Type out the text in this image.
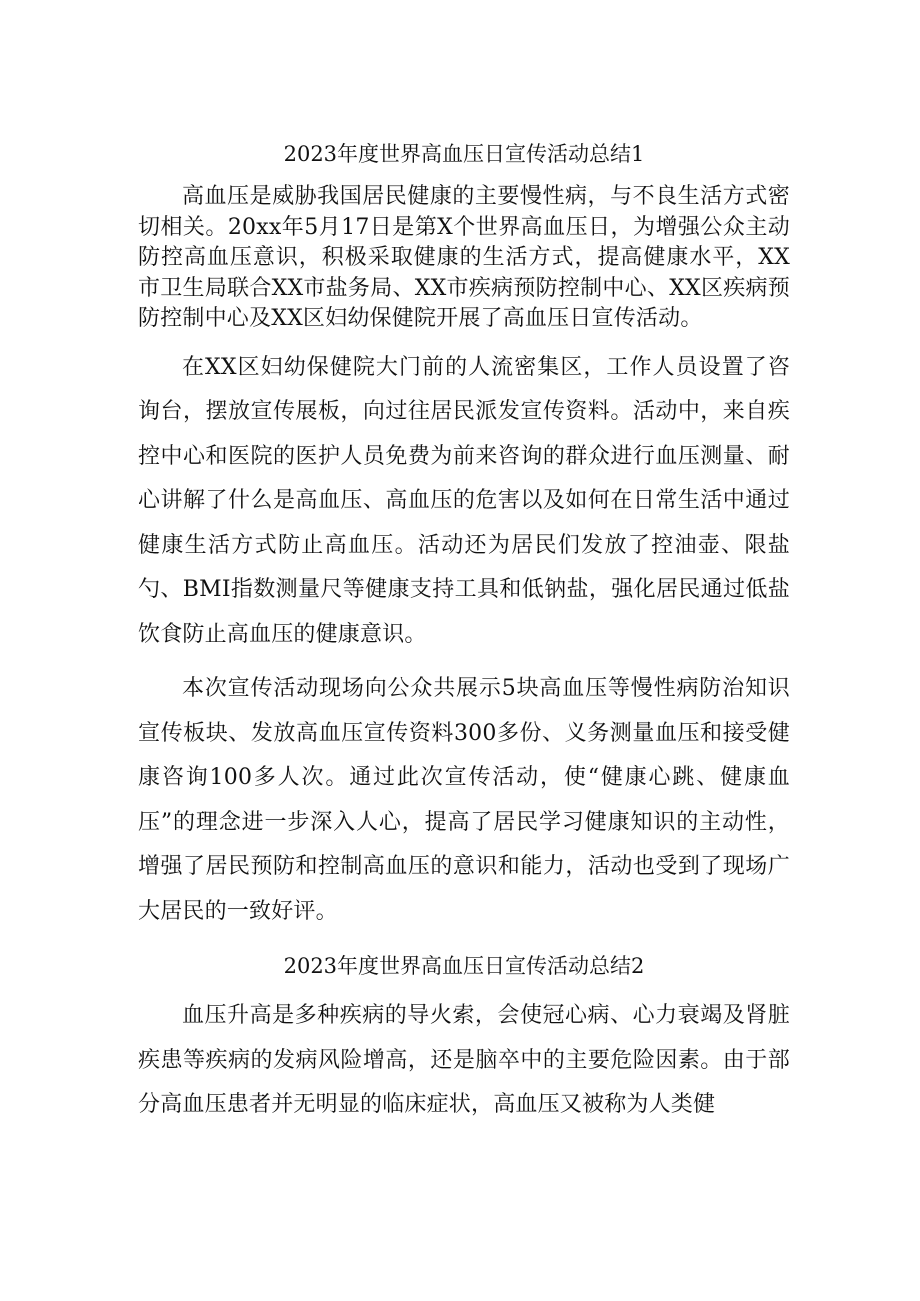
2023年度世界高血压日宣传活动总结1

高血压是威胁我国居民健康的主要慢性病，与不良生活方式密切相关。20xx年5月17日是第X个世界高血压日，为增强公众主动防控高血压意识，积极采取健康的生活方式，提高健康水平，XX市卫生局联合XX市盐务局、XX市疾病预防控制中心、XX区疾病预防控制中心及XX区妇幼保健院开展了高血压日宣传活动。

在XX区妇幼保健院大门前的人流密集区，工作人员设置了咨询台，摆放宣传展板，向过往居民派发宣传资料。活动中，来自疾控中心和医院的医护人员免费为前来咨询的群众进行血压测量、耐心讲解了什么是高血压、高血压的危害以及如何在日常生活中通过健康生活方式防止高血压。活动还为居民们发放了控油壶、限盐勺、BMI指数测量尺等健康支持工具和低钠盐，强化居民通过低盐饮食防止高血压的健康意识。

本次宣传活动现场向公众共展示5块高血压等慢性病防治知识宣传板块、发放高血压宣传资料300多份、义务测量血压和接受健康咨询100多人次。通过此次宣传活动，使“健康心跳、健康血压”的理念进一步深入人心，提高了居民学习健康知识的主动性，增强了居民预防和控制高血压的意识和能力，活动也受到了现场广大居民的一致好评。

2023年度世界高血压日宣传活动总结2

血压升高是多种疾病的导火索，会使冠心病、心力衰竭及肾脏疾患等疾病的发病风险增高，还是脑卒中的主要危险因素。由于部分高血压患者并无明显的临床症状，高血压又被称为人类健
